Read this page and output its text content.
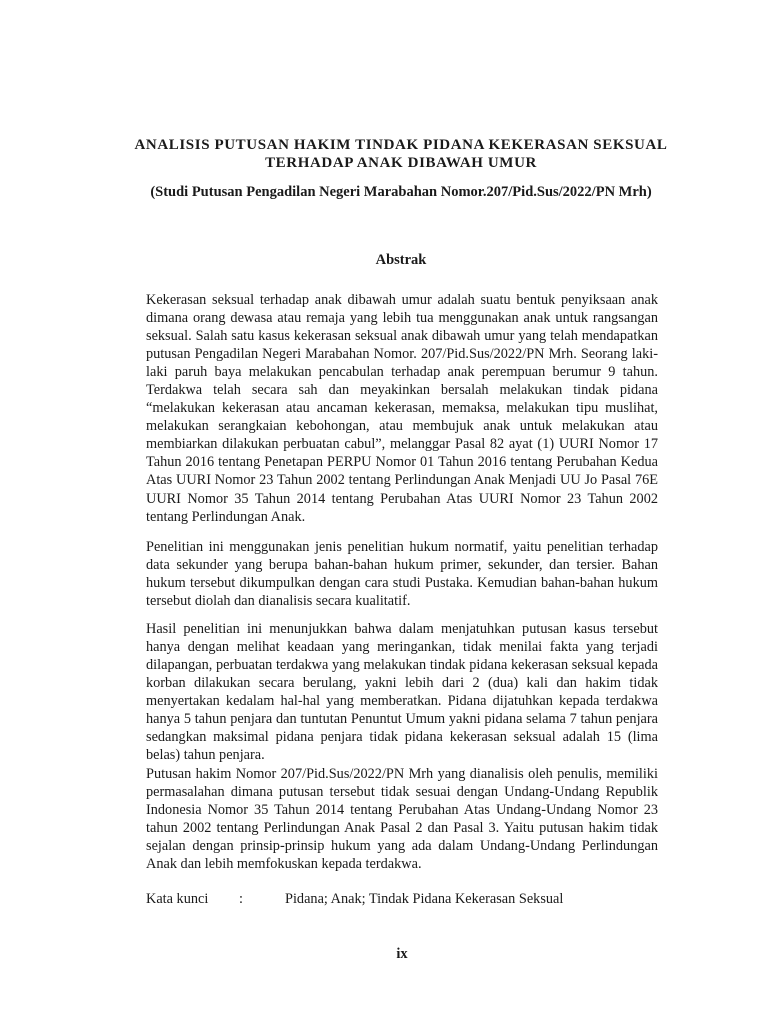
ANALISIS PUTUSAN HAKIM TINDAK PIDANA KEKERASAN SEKSUAL TERHADAP ANAK DIBAWAH UMUR
(Studi Putusan Pengadilan Negeri Marabahan Nomor.207/Pid.Sus/2022/PN Mrh)
Abstrak

Kekerasan seksual terhadap anak dibawah umur adalah suatu bentuk penyiksaan anak dimana orang dewasa atau remaja yang lebih tua menggunakan anak untuk rangsangan seksual. Salah satu kasus kekerasan seksual anak dibawah umur yang telah mendapatkan putusan Pengadilan Negeri Marabahan Nomor. 207/Pid.Sus/2022/PN Mrh. Seorang laki-laki paruh baya melakukan pencabulan terhadap anak perempuan berumur 9 tahun. Terdakwa telah secara sah dan meyakinkan bersalah melakukan tindak pidana “melakukan kekerasan atau ancaman kekerasan, memaksa, melakukan tipu muslihat, melakukan serangkaian kebohongan, atau membujuk anak untuk melakukan atau membiarkan dilakukan perbuatan cabul”, melanggar Pasal 82 ayat (1) UURI Nomor 17 Tahun 2016 tentang Penetapan PERPU Nomor 01 Tahun 2016 tentang Perubahan Kedua Atas UURI Nomor 23 Tahun 2002 tentang Perlindungan Anak Menjadi UU Jo Pasal 76E UURI Nomor 35 Tahun 2014 tentang Perubahan Atas UURI Nomor 23 Tahun 2002 tentang Perlindungan Anak.

Penelitian ini menggunakan jenis penelitian hukum normatif, yaitu penelitian terhadap data sekunder yang berupa bahan-bahan hukum primer, sekunder, dan tersier. Bahan hukum tersebut dikumpulkan dengan cara studi Pustaka. Kemudian bahan-bahan hukum tersebut diolah dan dianalisis secara kualitatif.

Hasil penelitian ini menunjukkan bahwa dalam menjatuhkan putusan kasus tersebut hanya dengan melihat keadaan yang meringankan, tidak menilai fakta yang terjadi dilapangan, perbuatan terdakwa yang melakukan tindak pidana kekerasan seksual kepada korban dilakukan secara berulang, yakni lebih dari 2 (dua) kali dan hakim tidak menyertakan kedalam hal-hal yang memberatkan. Pidana dijatuhkan kepada terdakwa hanya 5 tahun penjara dan tuntutan Penuntut Umum yakni pidana selama 7 tahun penjara sedangkan maksimal pidana penjara tidak pidana kekerasan seksual adalah 15 (lima belas) tahun penjara.

Putusan hakim Nomor 207/Pid.Sus/2022/PN Mrh yang dianalisis oleh penulis, memiliki permasalahan dimana putusan tersebut tidak sesuai dengan Undang-Undang Republik Indonesia Nomor 35 Tahun 2014 tentang Perubahan Atas Undang-Undang Nomor 23 tahun 2002 tentang Perlindungan Anak Pasal 2 dan Pasal 3. Yaitu putusan hakim tidak sejalan dengan prinsip-prinsip hukum yang ada dalam Undang-Undang Perlindungan Anak dan lebih memfokuskan kepada terdakwa.

Kata kunci :	Pidana; Anak; Tindak Pidana Kekerasan Seksual
ix
